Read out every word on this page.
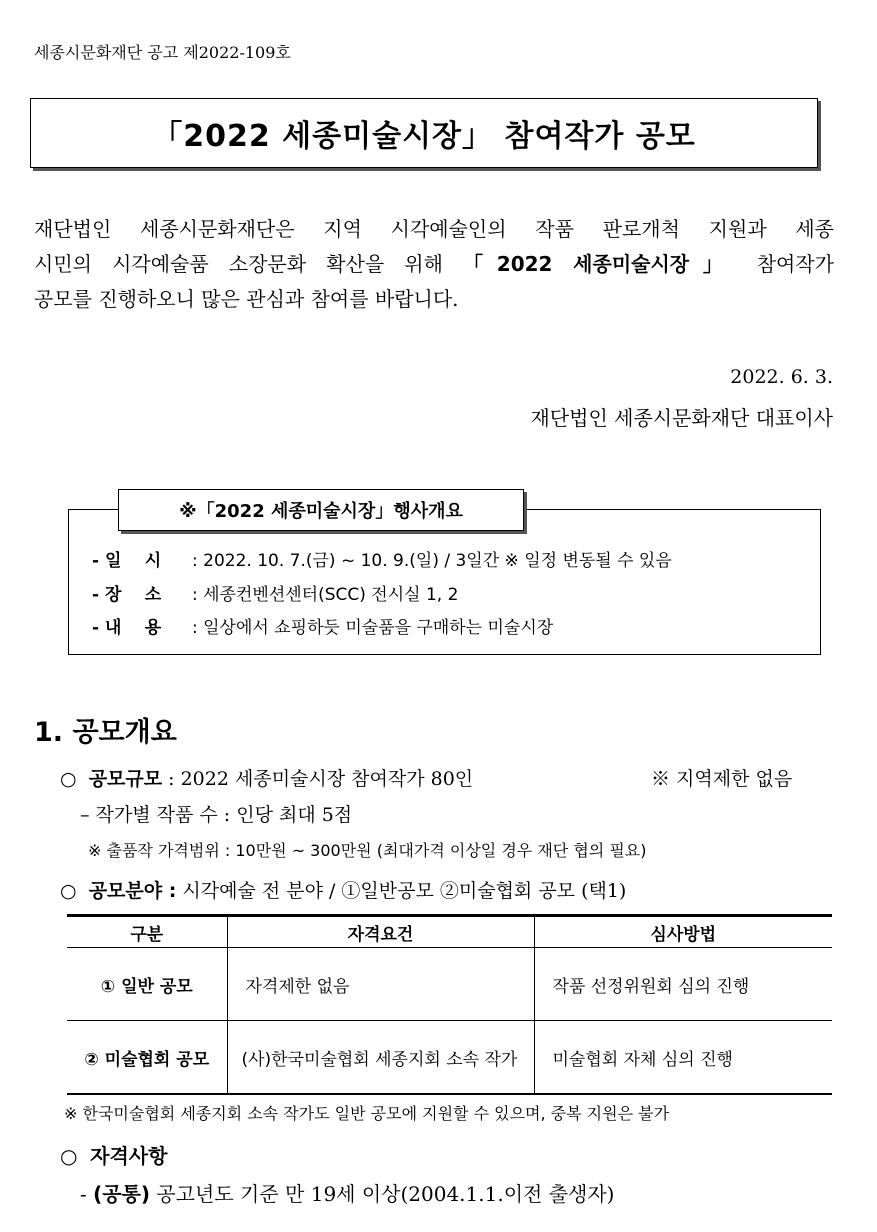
세종시문화재단 공고 제2022-109호
「2022 세종미술시장」 참여작가 공모
재단법인 세종시문화재단은 지역 시각예술인의 작품 판로개척 지원과 세종
시민의 시각예술품 소장문화 확산을 위해 「2022 세종미술시장」 참여작가
공모를 진행하오니 많은 관심과 참여를 바랍니다.
2022. 6. 3.
재단법인 세종시문화재단 대표이사
※「2022 세종미술시장」행사개요
- 일 시 : 2022. 10. 7.(금) ~ 10. 9.(일) / 3일간 ※ 일정 변동될 수 있음
- 장 소 : 세종컨벤션센터(SCC) 전시실 1, 2
- 내 용 : 일상에서 쇼핑하듯 미술품을 구매하는 미술시장
1. 공모개요
○ 공모규모 : 2022 세종미술시장 참여작가 80인	※ 지역제한 없음
– 작가별 작품 수 : 인당 최대 5점
※ 출품작 가격범위 : 10만원 ~ 300만원 (최대가격 이상일 경우 재단 협의 필요)
○ 공모분야 : 시각예술 전 분야 / ①일반공모 ②미술협회 공모 (택1)
구분	자격요건	심사방법
① 일반 공모	자격제한 없음	작품 선정위원회 심의 진행
② 미술협회 공모	(사)한국미술협회 세종지회 소속 작가	미술협회 자체 심의 진행
※ 한국미술협회 세종지회 소속 작가도 일반 공모에 지원할 수 있으며, 중복 지원은 불가
○ 자격사항
- (공통) 공고년도 기준 만 19세 이상(2004.1.1.이전 출생자)
